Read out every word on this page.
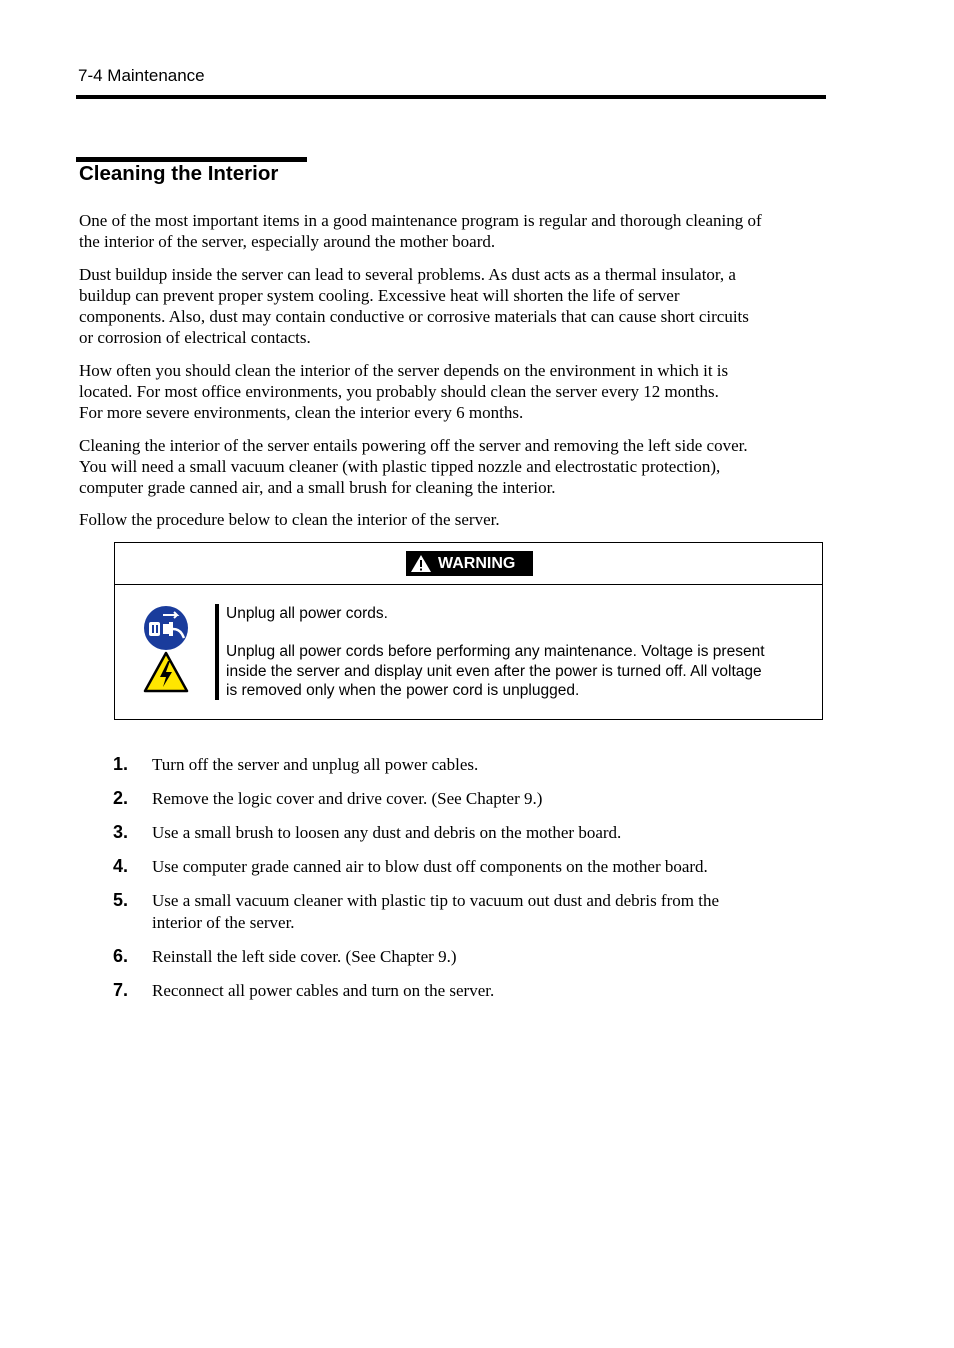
7-4 Maintenance
Cleaning the Interior

One of the most important items in a good maintenance program is regular and thorough cleaning of
the interior of the server, especially around the mother board.

Dust buildup inside the server can lead to several problems. As dust acts as a thermal insulator, a
buildup can prevent proper system cooling. Excessive heat will shorten the life of server
components. Also, dust may contain conductive or corrosive materials that can cause short circuits
or corrosion of electrical contacts.

How often you should clean the interior of the server depends on the environment in which it is
located. For most office environments, you probably should clean the server every 12 months.
For more severe environments, clean the interior every 6 months.

Cleaning the interior of the server entails powering off the server and removing the left side cover.
You will need a small vacuum cleaner (with plastic tipped nozzle and electrostatic protection),
computer grade canned air, and a small brush for cleaning the interior.

Follow the procedure below to clean the interior of the server.

WARNING
Unplug all power cords.

Unplug all power cords before performing any maintenance. Voltage is present
inside the server and display unit even after the power is turned off. All voltage
is removed only when the power cord is unplugged.

1. Turn off the server and unplug all power cables.

2. Remove the logic cover and drive cover. (See Chapter 9.)

3. Use a small brush to loosen any dust and debris on the mother board.

4. Use computer grade canned air to blow dust off components on the mother board.

5. Use a small vacuum cleaner with plastic tip to vacuum out dust and debris from the
interior of the server.

6. Reinstall the left side cover. (See Chapter 9.)

7. Reconnect all power cables and turn on the server.
